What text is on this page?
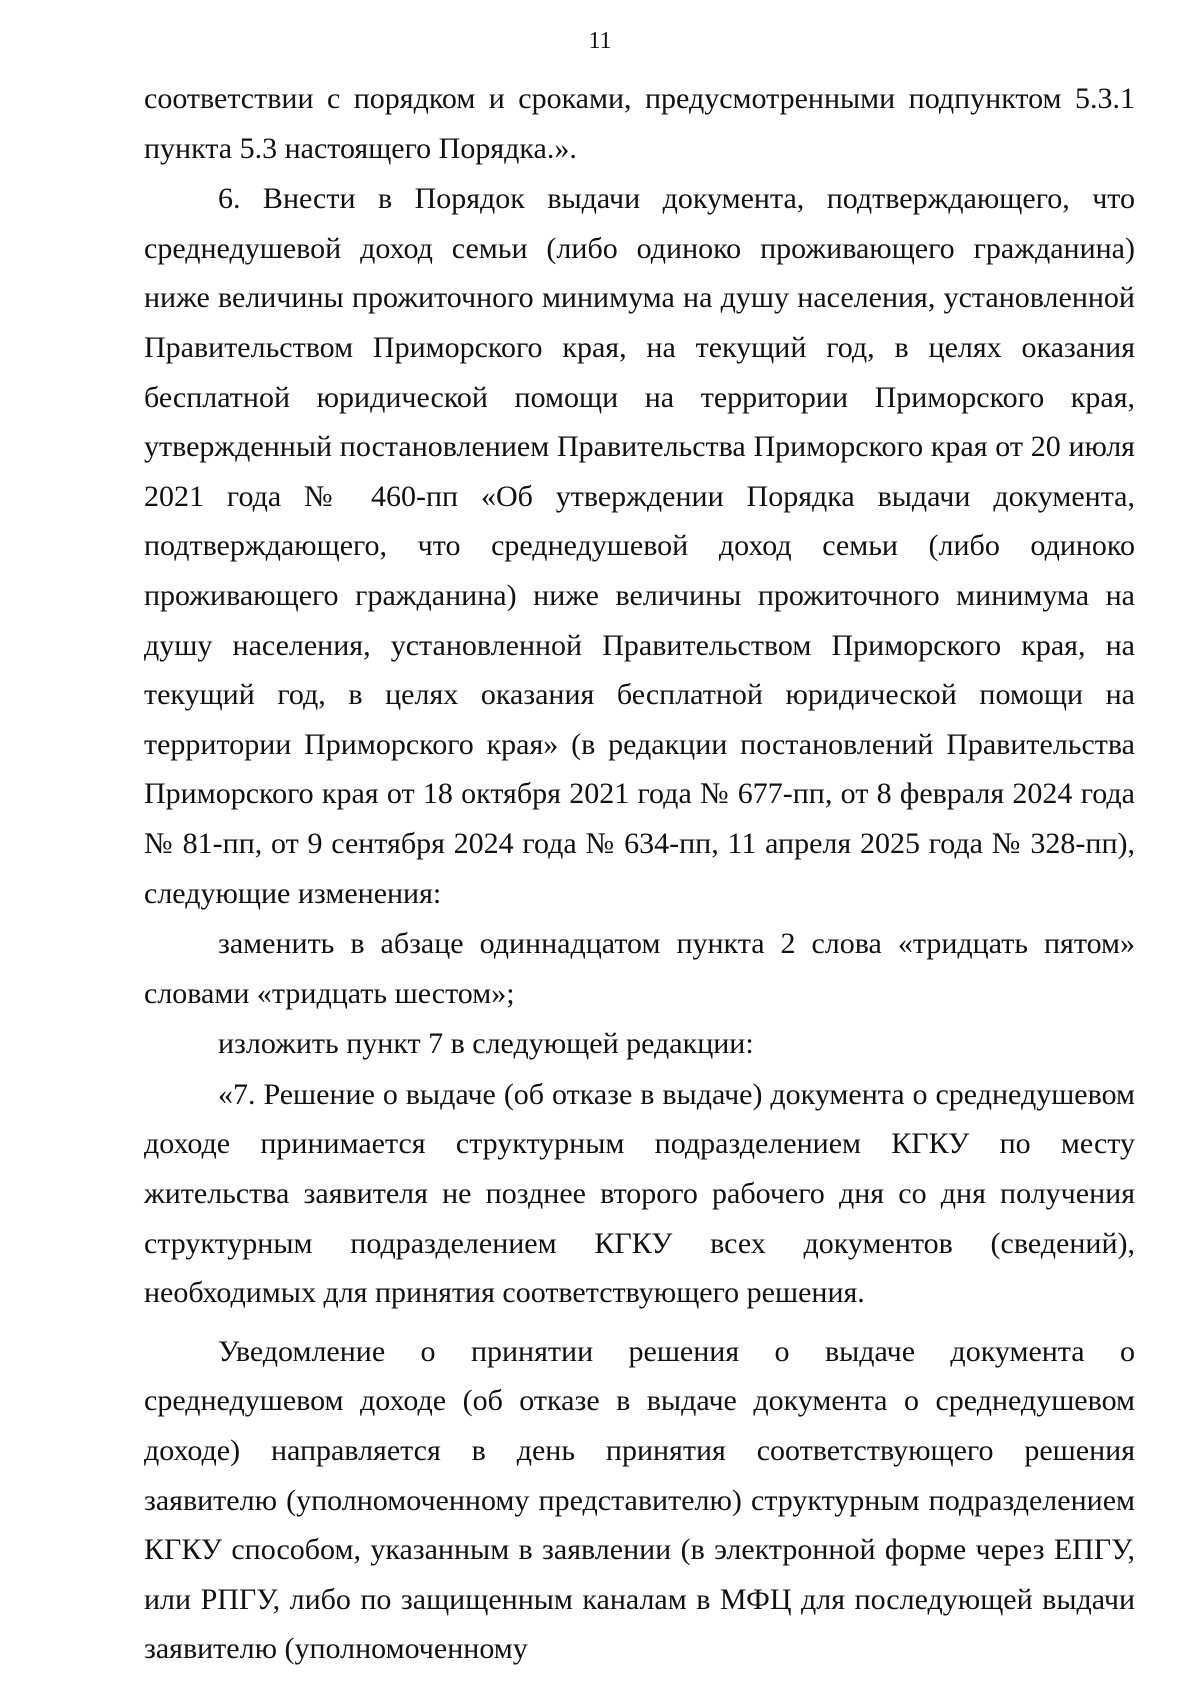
11

соответствии с порядком и сроками, предусмотренными подпунктом 5.3.1 пункта 5.3 настоящего Порядка.».

6. Внести в Порядок выдачи документа, подтверждающего, что среднедушевой доход семьи (либо одиноко проживающего гражданина) ниже величины прожиточного минимума на душу населения, установленной Правительством Приморского края, на текущий год, в целях оказания бесплатной юридической помощи на территории Приморского края, утвержденный постановлением Правительства Приморского края от 20 июля 2021 года № 460-пп «Об утверждении Порядка выдачи документа, подтверждающего, что среднедушевой доход семьи (либо одиноко проживающего гражданина) ниже величины прожиточного минимума на душу населения, установленной Правительством Приморского края, на текущий год, в целях оказания бесплатной юридической помощи на территории Приморского края» (в редакции постановлений Правительства Приморского края от 18 октября 2021 года № 677-пп, от 8 февраля 2024 года № 81-пп, от 9 сентября 2024 года № 634-пп, 11 апреля 2025 года № 328-пп), следующие изменения:

заменить в абзаце одиннадцатом пункта 2 слова «тридцать пятом» словами «тридцать шестом»;

изложить пункт 7 в следующей редакции:

«7. Решение о выдаче (об отказе в выдаче) документа о среднедушевом доходе принимается структурным подразделением КГКУ по месту жительства заявителя не позднее второго рабочего дня со дня получения структурным подразделением КГКУ всех документов (сведений), необходимых для принятия соответствующего решения.

Уведомление о принятии решения о выдаче документа о среднедушевом доходе (об отказе в выдаче документа о среднедушевом доходе) направляется в день принятия соответствующего решения заявителю (уполномоченному представителю) структурным подразделением КГКУ способом, указанным в заявлении (в электронной форме через ЕПГУ, или РПГУ, либо по защищенным каналам в МФЦ для последующей выдачи заявителю (уполномоченному
